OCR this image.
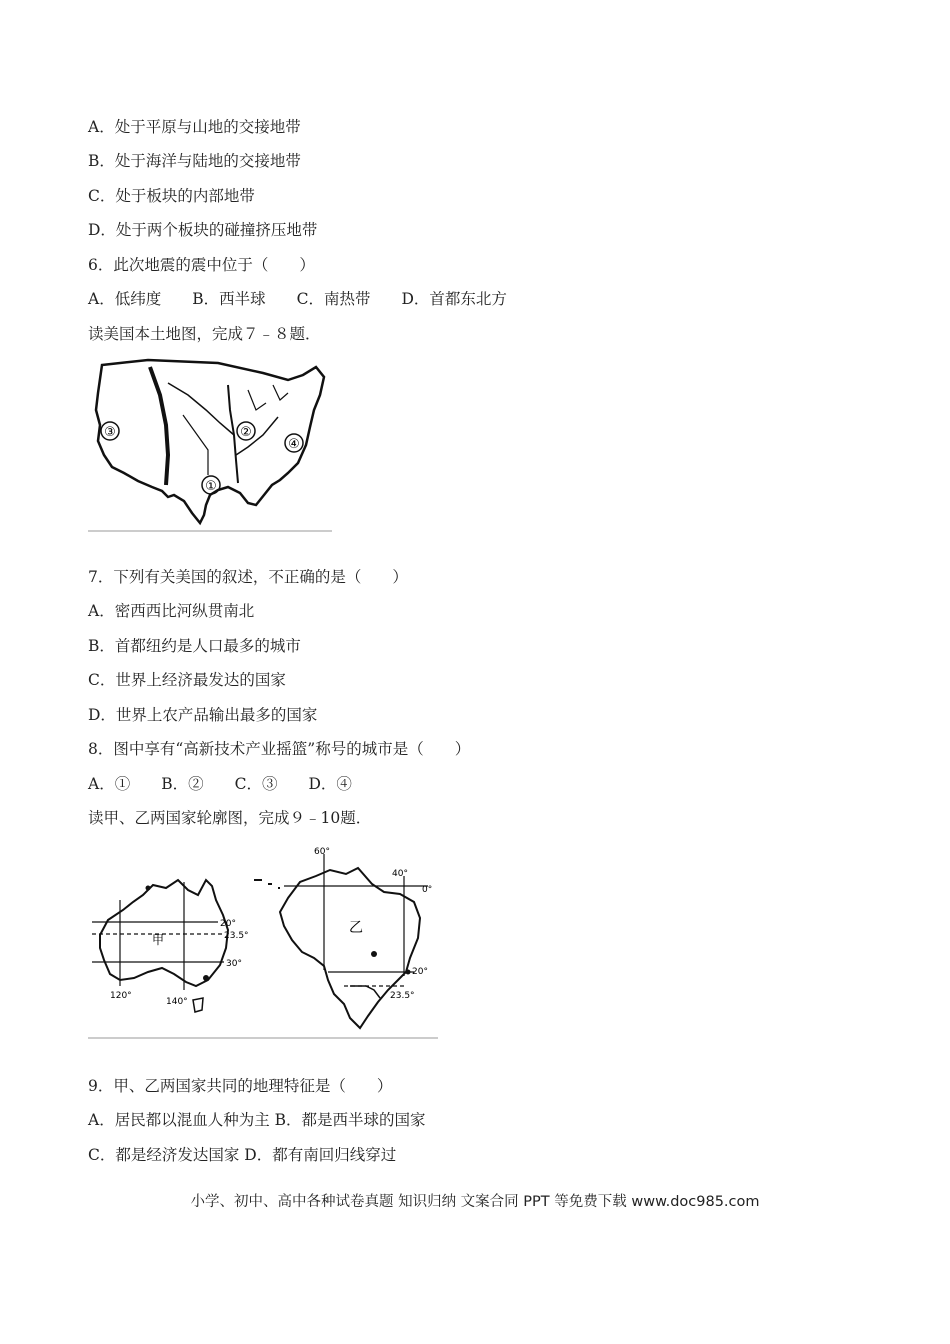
A．处于平原与山地的交接地带
B．处于海洋与陆地的交接地带
C．处于板块的内部地带
D．处于两个板块的碰撞挤压地带
6．此次地震的震中位于（　　）
A．低纬度　　B．西半球　　C．南热带　　D．首都东北方
读美国本土地图，完成７﹣８题．
①
②
③
④
7．下列有关美国的叙述，不正确的是（　　）
A．密西西比河纵贯南北
B．首都纽约是人口最多的城市
C．世界上经济最发达的国家
D．世界上农产品输出最多的国家
8．图中享有“高新技术产业摇篮”称号的城市是（　　）
A．①　　B．②　　C．③　　D．④
读甲、乙两国家轮廓图，完成９﹣10题．
甲
20°
23.5°
30°
120°
140°
乙
0°
20°
23.5°
60°
40°
9．甲、乙两国家共同的地理特征是（　　）
A．居民都以混血人种为主 B．都是西半球的国家
C．都是经济发达国家 D．都有南回归线穿过
小学、初中、高中各种试卷真题 知识归纳 文案合同 PPT 等免费下载 www.doc985.com
